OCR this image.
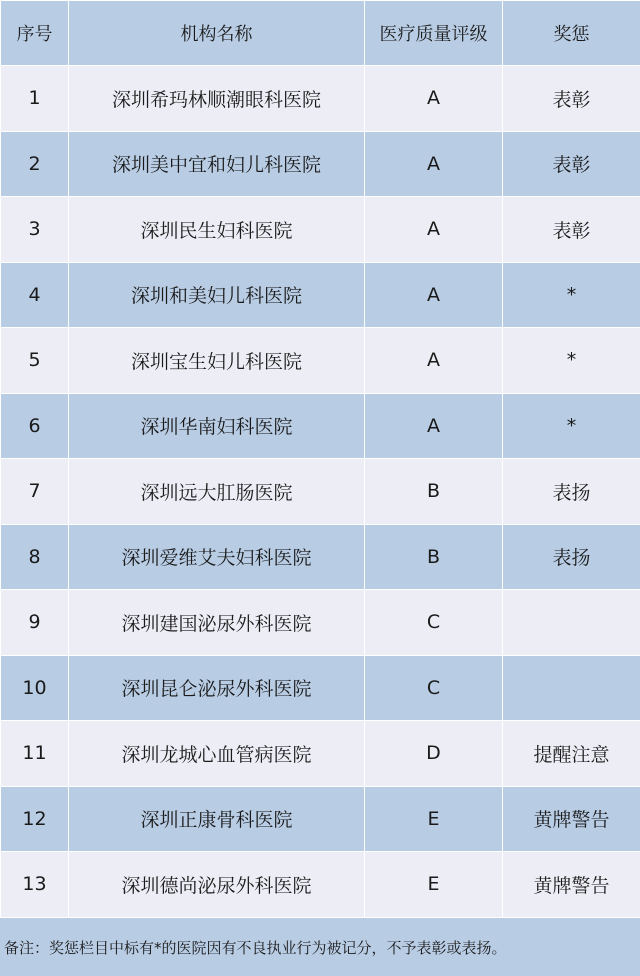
序号	机构名称	医疗质量评级	奖惩
1	深圳希玛林顺潮眼科医院	A	表彰
2	深圳美中宜和妇儿科医院	A	表彰
3	深圳民生妇科医院	A	表彰
4	深圳和美妇儿科医院	A	*
5	深圳宝生妇儿科医院	A	*
6	深圳华南妇科医院	A	*
7	深圳远大肛肠医院	B	表扬
8	深圳爱维艾夫妇科医院	B	表扬
9	深圳建国泌尿外科医院	C	
10	深圳昆仑泌尿外科医院	C	
11	深圳龙城心血管病医院	D	提醒注意
12	深圳正康骨科医院	E	黄牌警告
13	深圳德尚泌尿外科医院	E	黄牌警告
备注：奖惩栏目中标有*的医院因有不良执业行为被记分，不予表彰或表扬。
